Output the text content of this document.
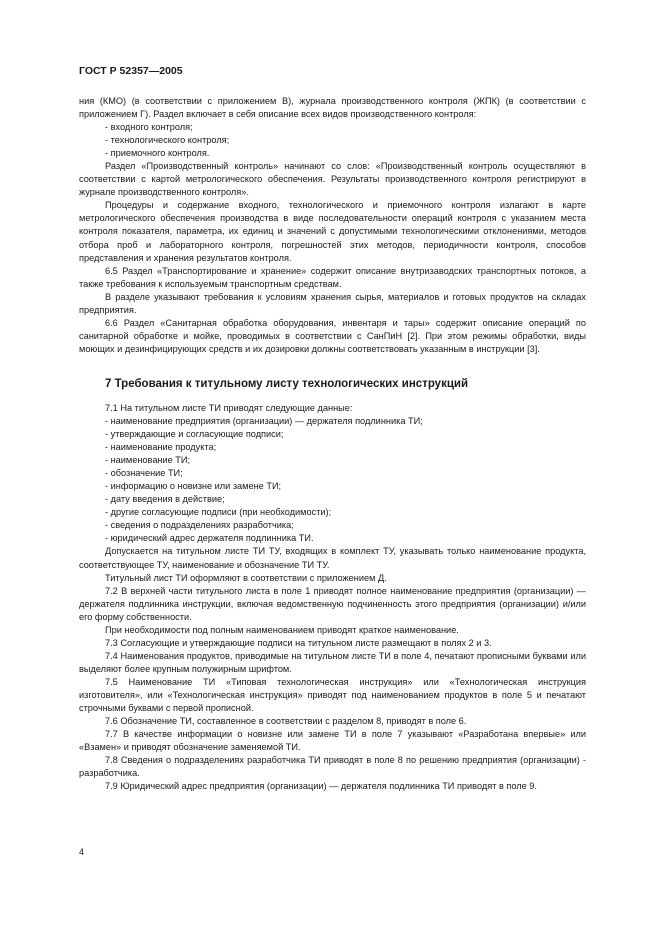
ГОСТ Р 52357—2005

ния (КМО) (в соответствии с приложением В), журнала производственного контроля (ЖПК) (в соответствии с приложением Г). Раздел включает в себя описание всех видов производственного контроля:

- входного контроля;

- технологического контроля;

- приемочного контроля.

Раздел «Производственный контроль» начинают со слов: «Производственный контроль осуществляют в соответствии с картой метрологического обеспечения. Результаты производственного контроля регистрируют в журнале производственного контроля».

Процедуры и содержание входного, технологического и приемочного контроля излагают в карте метрологического обеспечения производства в виде последовательности операций контроля с указанием места контроля показателя, параметра, их единиц и значений с допустимыми технологическими отклонениями, методов отбора проб и лабораторного контроля, погрешностей этих методов, периодичности контроля, способов представления и хранения результатов контроля.

6.5 Раздел «Транспортирование и хранение» содержит описание внутризаводских транспортных потоков, а также требования к используемым транспортным средствам.

В разделе указывают требования к условиям хранения сырья, материалов и готовых продуктов на складах предприятия.

6.6 Раздел «Санитарная обработка оборудования, инвентаря и тары» содержит описание операций по санитарной обработке и мойке, проводимых в соответствии с СанПиН [2]. При этом режимы обработки, виды моющих и дезинфицирующих средств и их дозировки должны соответствовать указанным в инструкции [3].

7 Требования к титульному листу технологических инструкций

7.1 На титульном листе ТИ приводят следующие данные:

- наименование предприятия (организации) — держателя подлинника ТИ;

- утверждающие и согласующие подписи;

- наименование продукта;

- наименование ТИ;

- обозначение ТИ;

- информацию о новизне или замене ТИ;

- дату введения в действие;

- другие согласующие подписи (при необходимости);

- сведения о подразделениях разработчика;

- юридический адрес держателя подлинника ТИ.

Допускается на титульном листе ТИ ТУ, входящих в комплект ТУ, указывать только наименование продукта, соответствующее ТУ, наименование и обозначение ТИ ТУ.

Титульный лист ТИ оформляют в соответствии с приложением Д.

7.2 В верхней части титульного листа в поле 1 приводят полное наименование предприятия (организации) — держателя подлинника инструкции, включая ведомственную подчиненность этого предприятия (организации) и/или его форму собственности.

При необходимости под полным наименованием приводят краткое наименование.

7.3 Согласующие и утверждающие подписи на титульном листе размещают в полях 2 и 3.

7.4 Наименования продуктов, приводимые на титульном листе ТИ в поле 4, печатают прописными буквами или выделяют более крупным полужирным шрифтом.

7.5 Наименование ТИ «Типовая технологическая инструкция» или «Технологическая инструкция изготовителя», или «Технологическая инструкция» приводят под наименованием продуктов в поле 5 и печатают строчными буквами с первой прописной.

7.6 Обозначение ТИ, составленное в соответствии с разделом 8, приводят в поле 6.

7.7 В качестве информации о новизне или замене ТИ в поле 7 указывают «Разработана впервые» или «Взамен» и приводят обозначение заменяемой ТИ.

7.8 Сведения о подразделениях разработчика ТИ приводят в поле 8 по решению предприятия (организации) - разработчика.

7.9 Юридический адрес предприятия (организации) — держателя подлинника ТИ приводят в поле 9.

4
